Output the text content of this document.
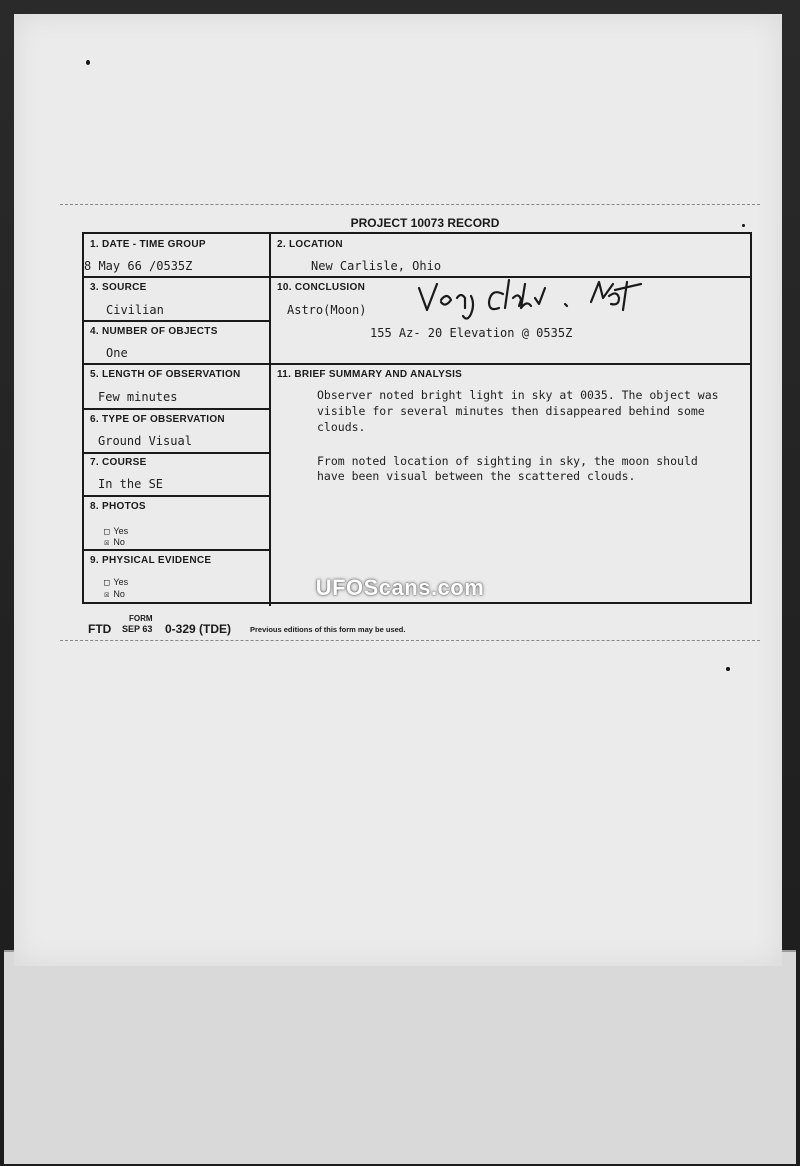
PROJECT 10073 RECORD
1. DATE - TIME GROUP
8 May 66 /0535Z
2. LOCATION
New Carlisle, Ohio
3. SOURCE
Civilian
10. CONCLUSION
Astro(Moon)
155 Az- 20 Elevation @ 0535Z
4. NUMBER OF OBJECTS
One
5. LENGTH OF OBSERVATION
Few minutes
6. TYPE OF OBSERVATION
Ground Visual
7. COURSE
In the SE
8. PHOTOS
□ Yes
☒ No
9. PHYSICAL EVIDENCE
□ Yes
☒ No
11. BRIEF SUMMARY AND ANALYSIS
Observer noted bright light in sky at 0035. The object was visible for several minutes then disappeared behind some clouds.
From noted location of sighting in sky, the moon should have been visual between the scattered clouds.
FORM
FTD SEP 63 0-329 (TDE)	Previous editions of this form may be used.
UFOScans.com
